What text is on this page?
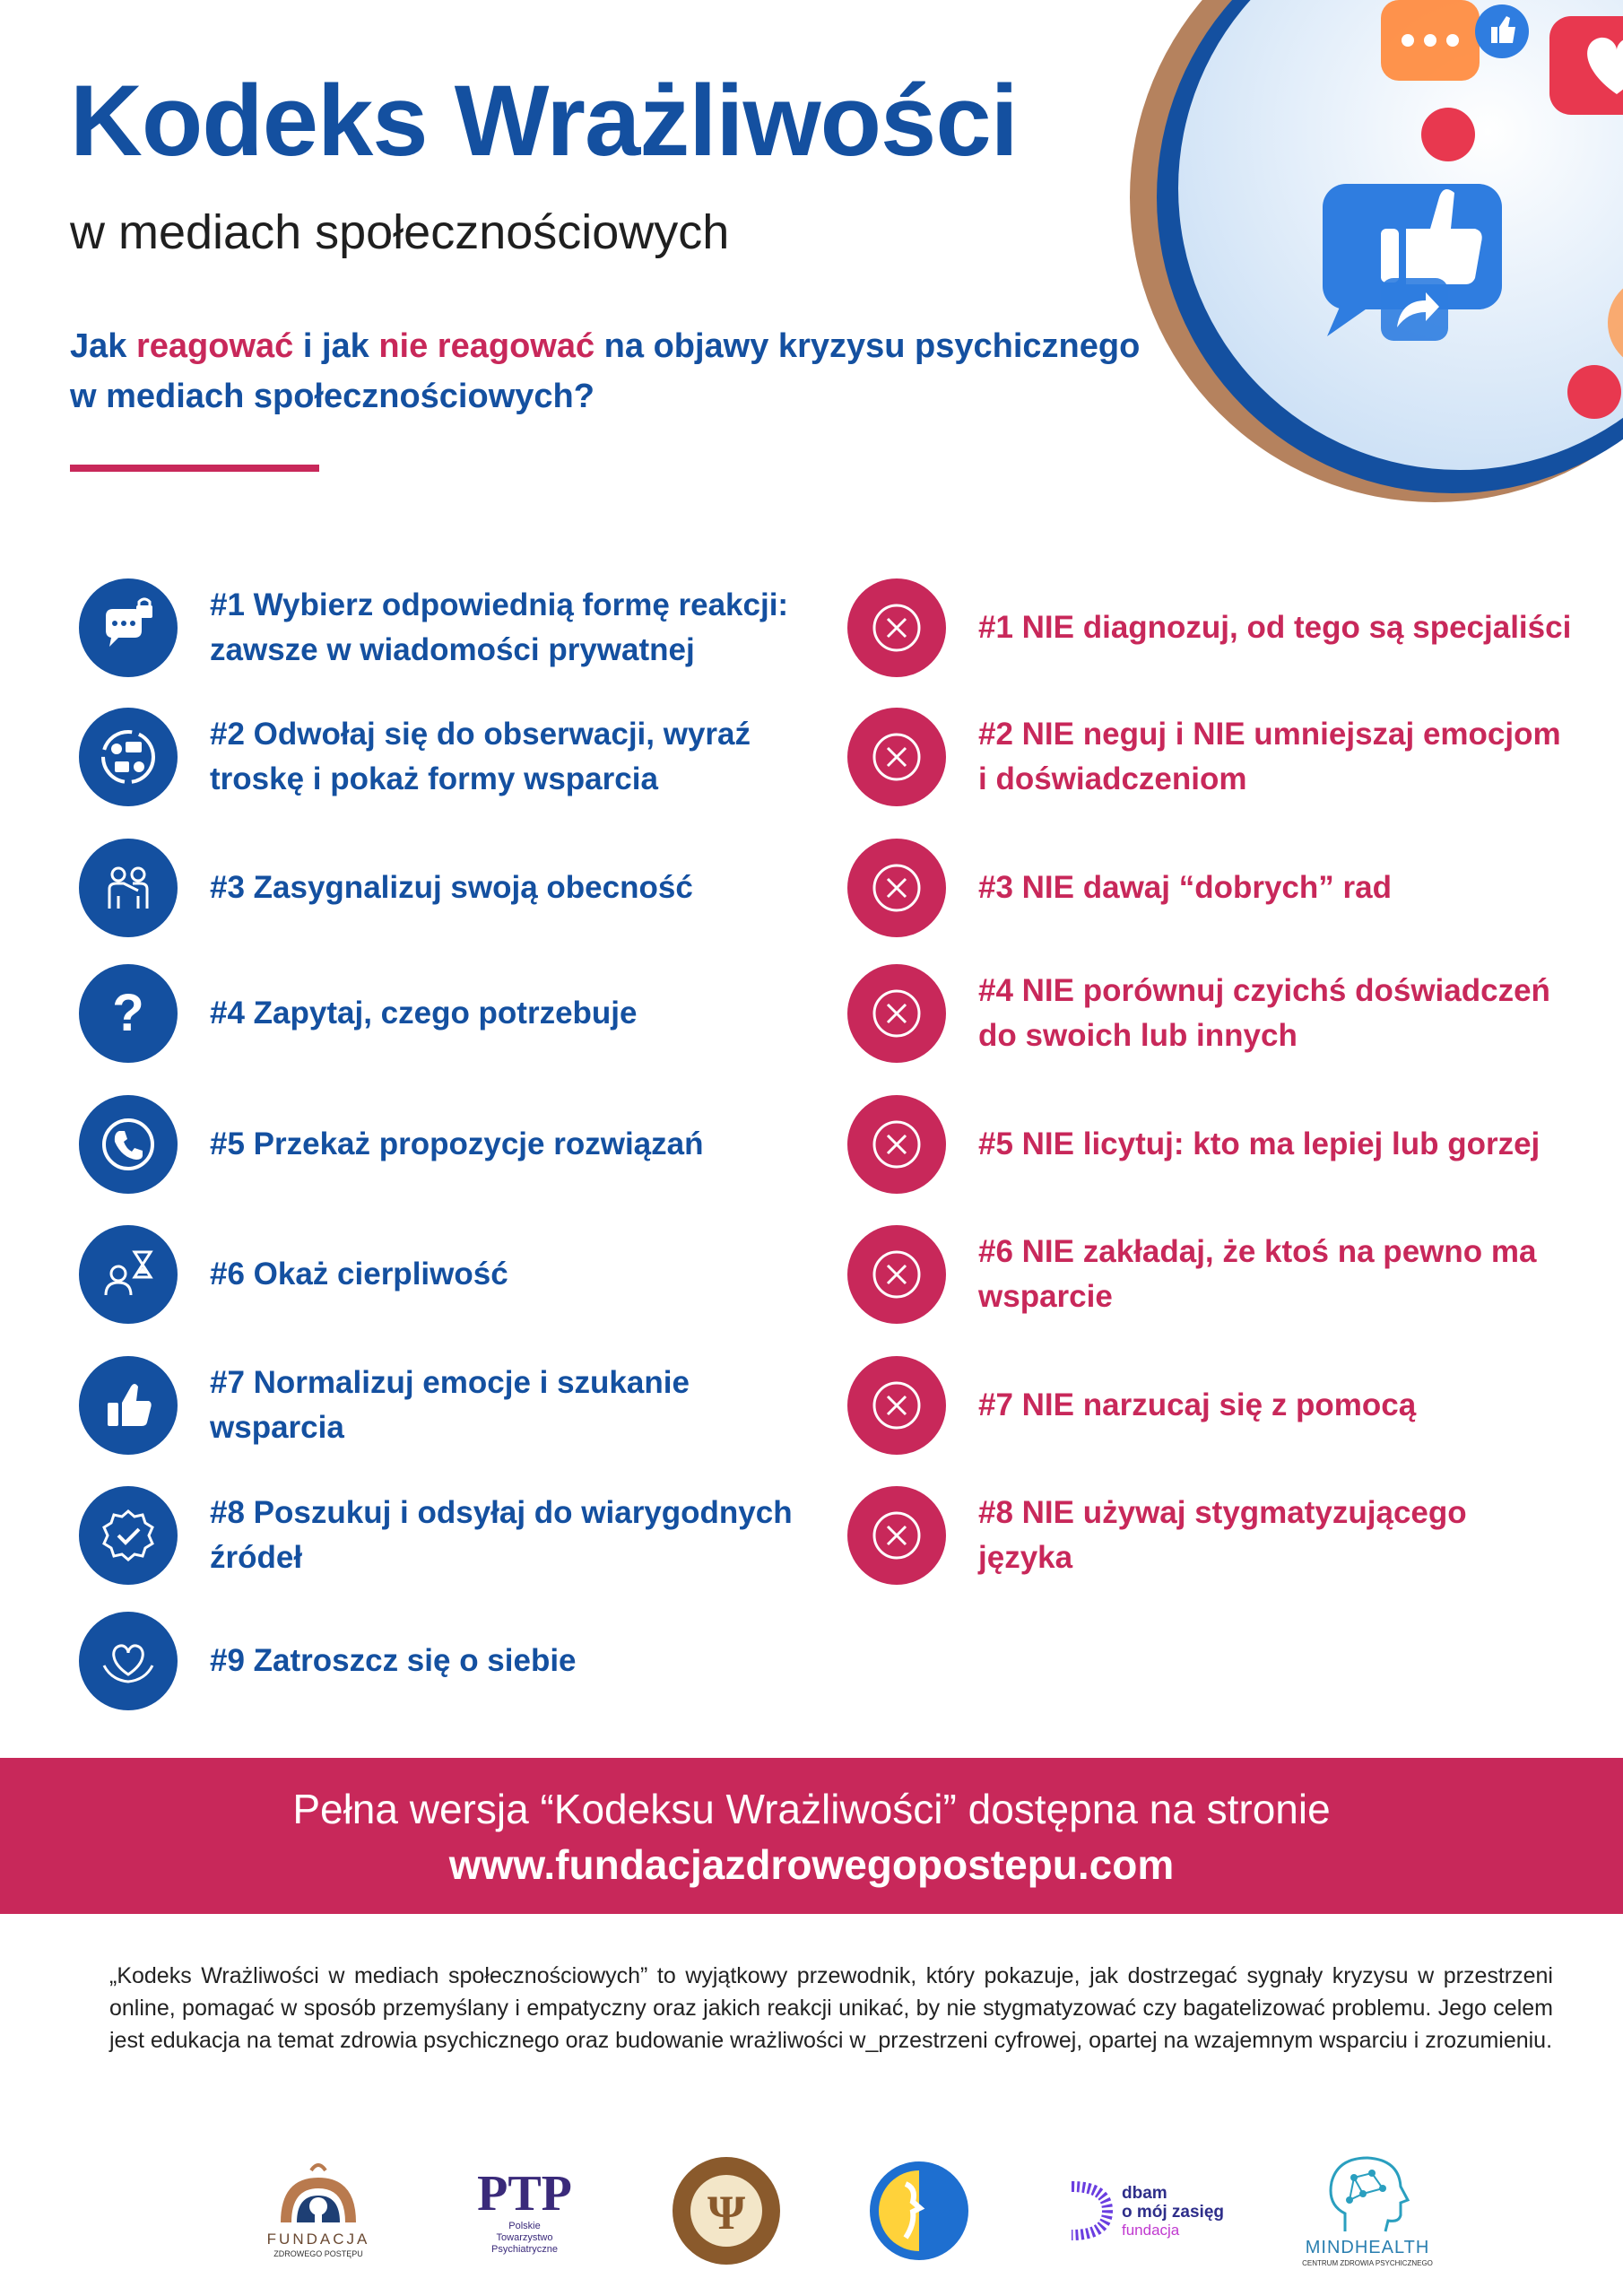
Kodeks Wrażliwości
w mediach społecznościowych
Jak reagować i jak nie reagować na objawy kryzysu psychicznego
w mediach społecznościowych?
#1 Wybierz odpowiednią formę reakcji:
zawsze w wiadomości prywatnej
#2 Odwołaj się do obserwacji, wyraź
troskę i pokaż formy wsparcia
#3 Zasygnalizuj swoją obecność
? #4 Zapytaj, czego potrzebuje
#5 Przekaż propozycje rozwiązań
#6 Okaż cierpliwość
#7 Normalizuj emocje i szukanie
wsparcia
#8 Poszukuj i odsyłaj do wiarygodnych
źródeł
#9 Zatroszcz się o siebie
#1 NIE diagnozuj, od tego są specjaliści
#2 NIE neguj i NIE umniejszaj emocjom
i doświadczeniom
#3 NIE dawaj “dobrych” rad
#4 NIE porównuj czyichś doświadczeń
do swoich lub innych
#5 NIE licytuj: kto ma lepiej lub gorzej
#6 NIE zakładaj, że ktoś na pewno ma
wsparcie
#7 NIE narzucaj się z pomocą
#8 NIE używaj stygmatyzującego
języka
Pełna wersja “Kodeksu Wrażliwości” dostępna na stronie
www.fundacjazdrowegopostepu.com
„Kodeks Wrażliwości w mediach społecznościowych” to wyjątkowy przewodnik, który pokazuje, jak dostrzegać sygnały kryzysu w przestrzeni online, pomagać w sposób przemyślany i empatyczny oraz jakich reakcji unikać, by nie stygmatyzować czy bagatelizować problemu. Jego celem jest edukacja na temat zdrowia psychicznego oraz budowanie wrażliwości w_przestrzeni cyfrowej, opartej na wzajemnym wsparciu i zrozumieniu.
FUNDACJA
ZDROWEGO POSTĘPU
PTP
Polskie
Towarzystwo
Psychiatryczne
Ψ	dbam
o mój zasięg
fundacja
MINDHEALTH
CENTRUM ZDROWIA PSYCHICZNEGO
